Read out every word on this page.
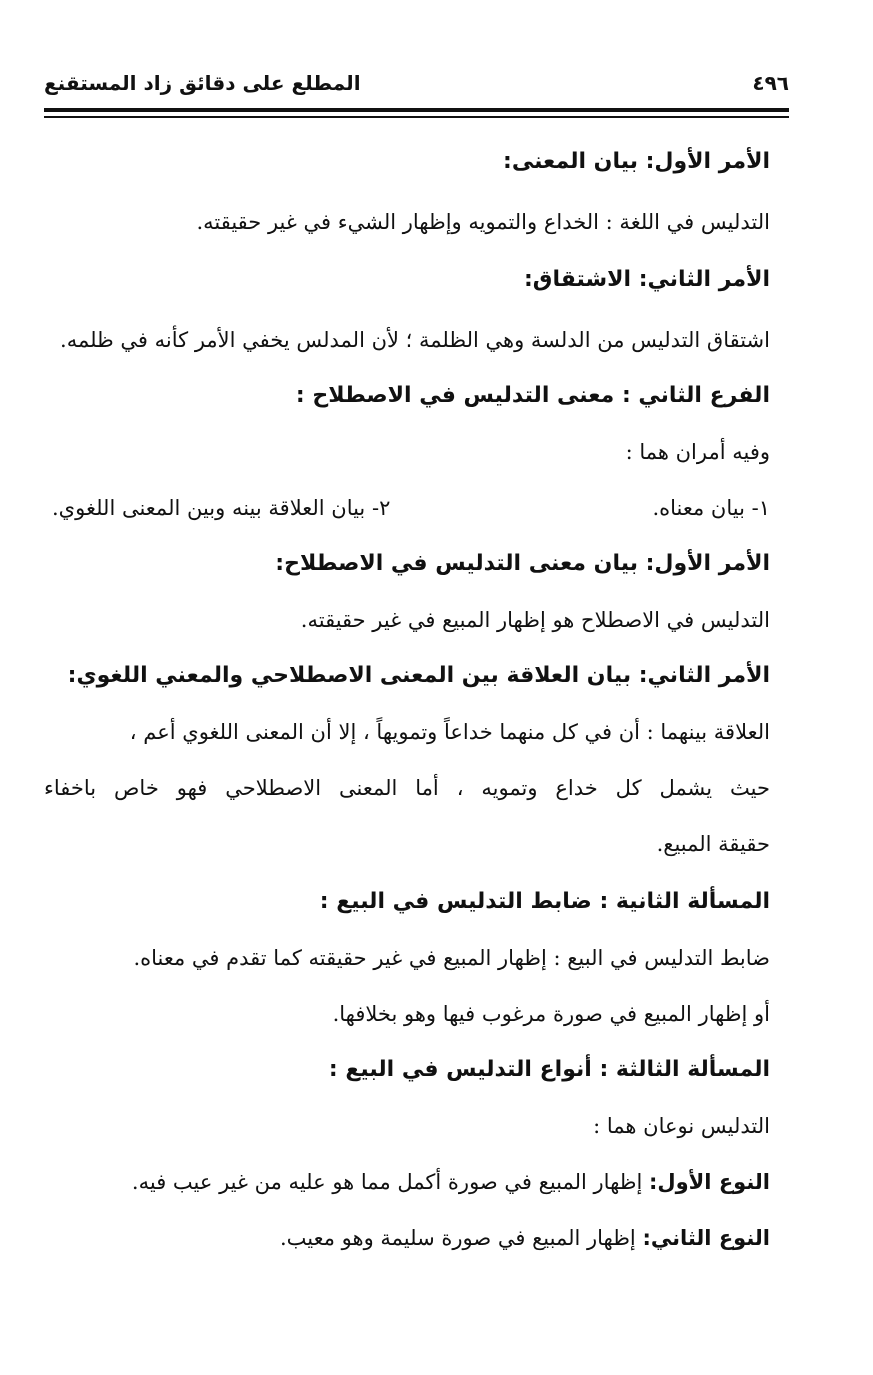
٤٩٦
المطلع على دقائق زاد المستقنع
الأمر الأول: بيان المعنى:
التدليس في اللغة : الخداع والتمويه وإظهار الشيء في غير حقيقته.
الأمر الثاني: الاشتقاق:
اشتقاق التدليس من الدلسة وهي الظلمة ؛ لأن المدلس يخفي الأمر كأنه في ظلمه.
الفرع الثاني : معنى التدليس في الاصطلاح :
وفيه أمران هما :
١- بيان معناه.
٢- بيان العلاقة بينه وبين المعنى اللغوي.
الأمر الأول: بيان معنى التدليس في الاصطلاح:
التدليس في الاصطلاح هو إظهار المبيع في غير حقيقته.
الأمر الثاني: بيان العلاقة بين المعنى الاصطلاحي والمعني اللغوي:
العلاقة بينهما : أن في كل منهما خداعاً وتمويهاً ، إلا أن المعنى اللغوي أعم ،
حيث يشمل كل خداع وتمويه ، أما المعنى الاصطلاحي فهو خاص باخفاء
حقيقة المبيع.
المسألة الثانية : ضابط التدليس في البيع :
ضابط التدليس في البيع : إظهار المبيع في غير حقيقته كما تقدم في معناه.
أو إظهار المبيع في صورة مرغوب فيها وهو بخلافها.
المسألة الثالثة : أنواع التدليس في البيع :
التدليس نوعان هما :
النوع الأول: إظهار المبيع في صورة أكمل مما هو عليه من غير عيب فيه.
النوع الثاني: إظهار المبيع في صورة سليمة وهو معيب.
